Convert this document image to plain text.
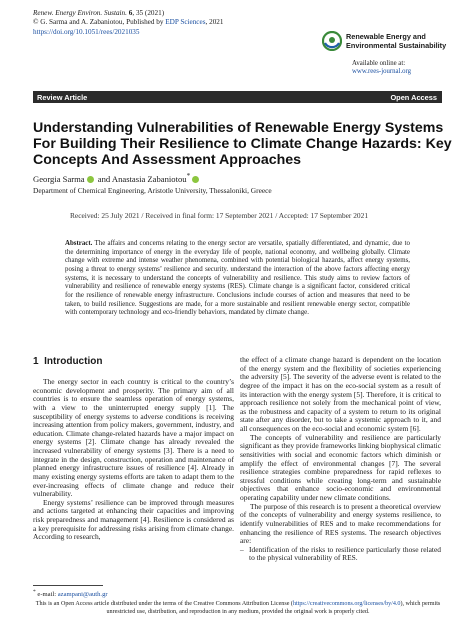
Renew. Energy Environ. Sustain. 6, 35 (2021)
© G. Sarma and A. Zabaniotou, Published by EDP Sciences, 2021
https://doi.org/10.1051/rees/2021035
Renewable Energy and
Environmental Sustainability
Available online at:
www.rees-journal.org
Review Article	Open Access
Understanding Vulnerabilities of Renewable Energy Systems For Building Their Resilience to Climate Change Hazards: Key Concepts And Assessment Approaches
Georgia Sarma and Anastasia Zabaniotou*
Department of Chemical Engineering, Aristotle University, Thessaloniki, Greece
Received: 25 July 2021 / Received in final form: 17 September 2021 / Accepted: 17 September 2021
Abstract. The affairs and concerns relating to the energy sector are versatile, spatially differentiated, and dynamic, due to the determining importance of energy in the everyday life of people, national economy, and wellbeing globally. Climate change with extreme and intense weather phenomena, combined with potential biological hazards, affect energy systems, posing a threat to energy systems’ resilience and security. understand the interaction of the above factors affecting energy systems, it is necessary to understand the concepts of vulnerability and resilience. This study aims to review factors of vulnerability and resilience of renewable energy systems (RES). Climate change is a significant factor, considered critical for the resilience of renewable energy infrastructure. Conclusions include courses of action and measures that need to be taken, to build resilience. Suggestions are made, for a more sustainable and resilient renewable energy sector, compatible with contemporary technology and eco-friendly behaviors, mandated by climate change.
1 Introduction

The energy sector in each country is critical to the country’s economic development and prosperity. The primary aim of all countries is to ensure the seamless operation of energy systems, with a view to the uninterrupted energy supply [1]. The susceptibility of energy systems to adverse conditions is receiving increasing attention from policy makers, government, industry, and education. Climate change-related hazards have a major impact on energy systems [2]. Climate change has already revealed the increased vulnerability of energy systems [3]. There is a need to integrate in the design, construction, operation and maintenance of planned energy infrastructure issues of resilience [4]. Already in many existing energy systems efforts are taken to adapt them to the ever-increasing effects of climate change and reduce their vulnerability.

Energy systems’ resilience can be improved through measures and actions targeted at enhancing their capacities and improving risk preparedness and management [4]. Resilience is considered as a key prerequisite for addressing risks arising from climate change. According to research,

the effect of a climate change hazard is dependent on the location of the energy system and the flexibility of societies experiencing the adversity [5]. The severity of the adverse event is related to the degree of the impact it has on the eco-social system as a result of its interaction with the energy system [5]. Therefore, it is critical to approach resilience not solely from the mechanical point of view, as the robustness and capacity of a system to return to its original state after any disorder, but to take a systemic approach to it, and all consequences on the eco-social and economic system [6].

The concepts of vulnerability and resilience are particularly significant as they provide frameworks linking biophysical climatic sensitivities with social and economic factors which diminish or amplify the effect of environmental changes [7]. The several resilience strategies combine preparedness for rapid reflexes to stressful conditions while creating long-term and sustainable objectives that enhance socio-economic and environmental operating capability under new climate conditions.

The purpose of this research is to present a theoretical overview of the concepts of vulnerability and energy systems resilience, to identify vulnerabilities of RES and to make recommendations for enhancing the resilience of RES systems. The research objectives are:

– Identification of the risks to resilience particularly those related to the physical vulnerability of RES.

* e-mail: azampani@auth.gr
This is an Open Access article distributed under the terms of the Creative Commons Attribution License (https://creativecommons.org/licenses/by/4.0), which permits unrestricted use, distribution, and reproduction in any medium, provided the original work is properly cited.
